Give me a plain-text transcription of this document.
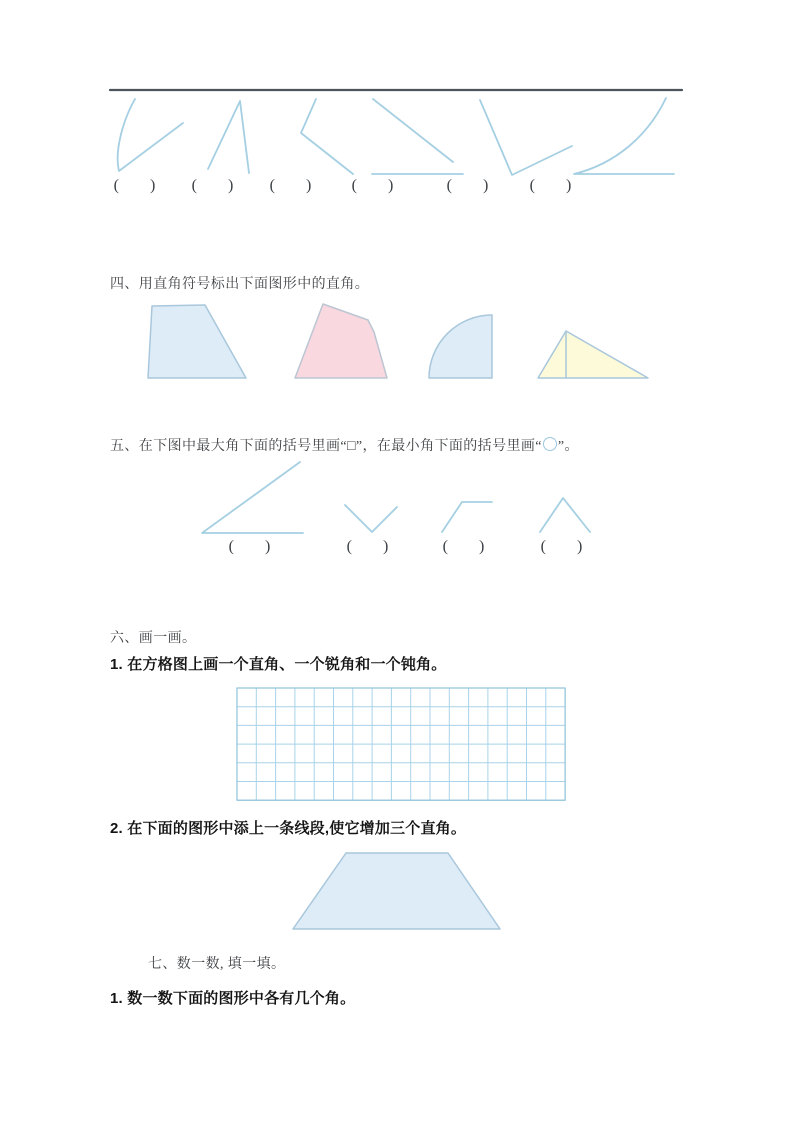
四、用直角符号标出下面图形中的直角。
五、在下图中最大角下面的括号里画“□”，在最小角下面的括号里画“ ”。
六、画一画。
1. 在方格图上画一个直角、一个锐角和一个钝角。
2. 在下面的图形中添上一条线段,使它增加三个直角。
七、数一数, 填一填。
1. 数一数下面的图形中各有几个角。
(      ) (      ) (      ) (      )	(      )	(      )
(      )	(      )	(      )	(      )
